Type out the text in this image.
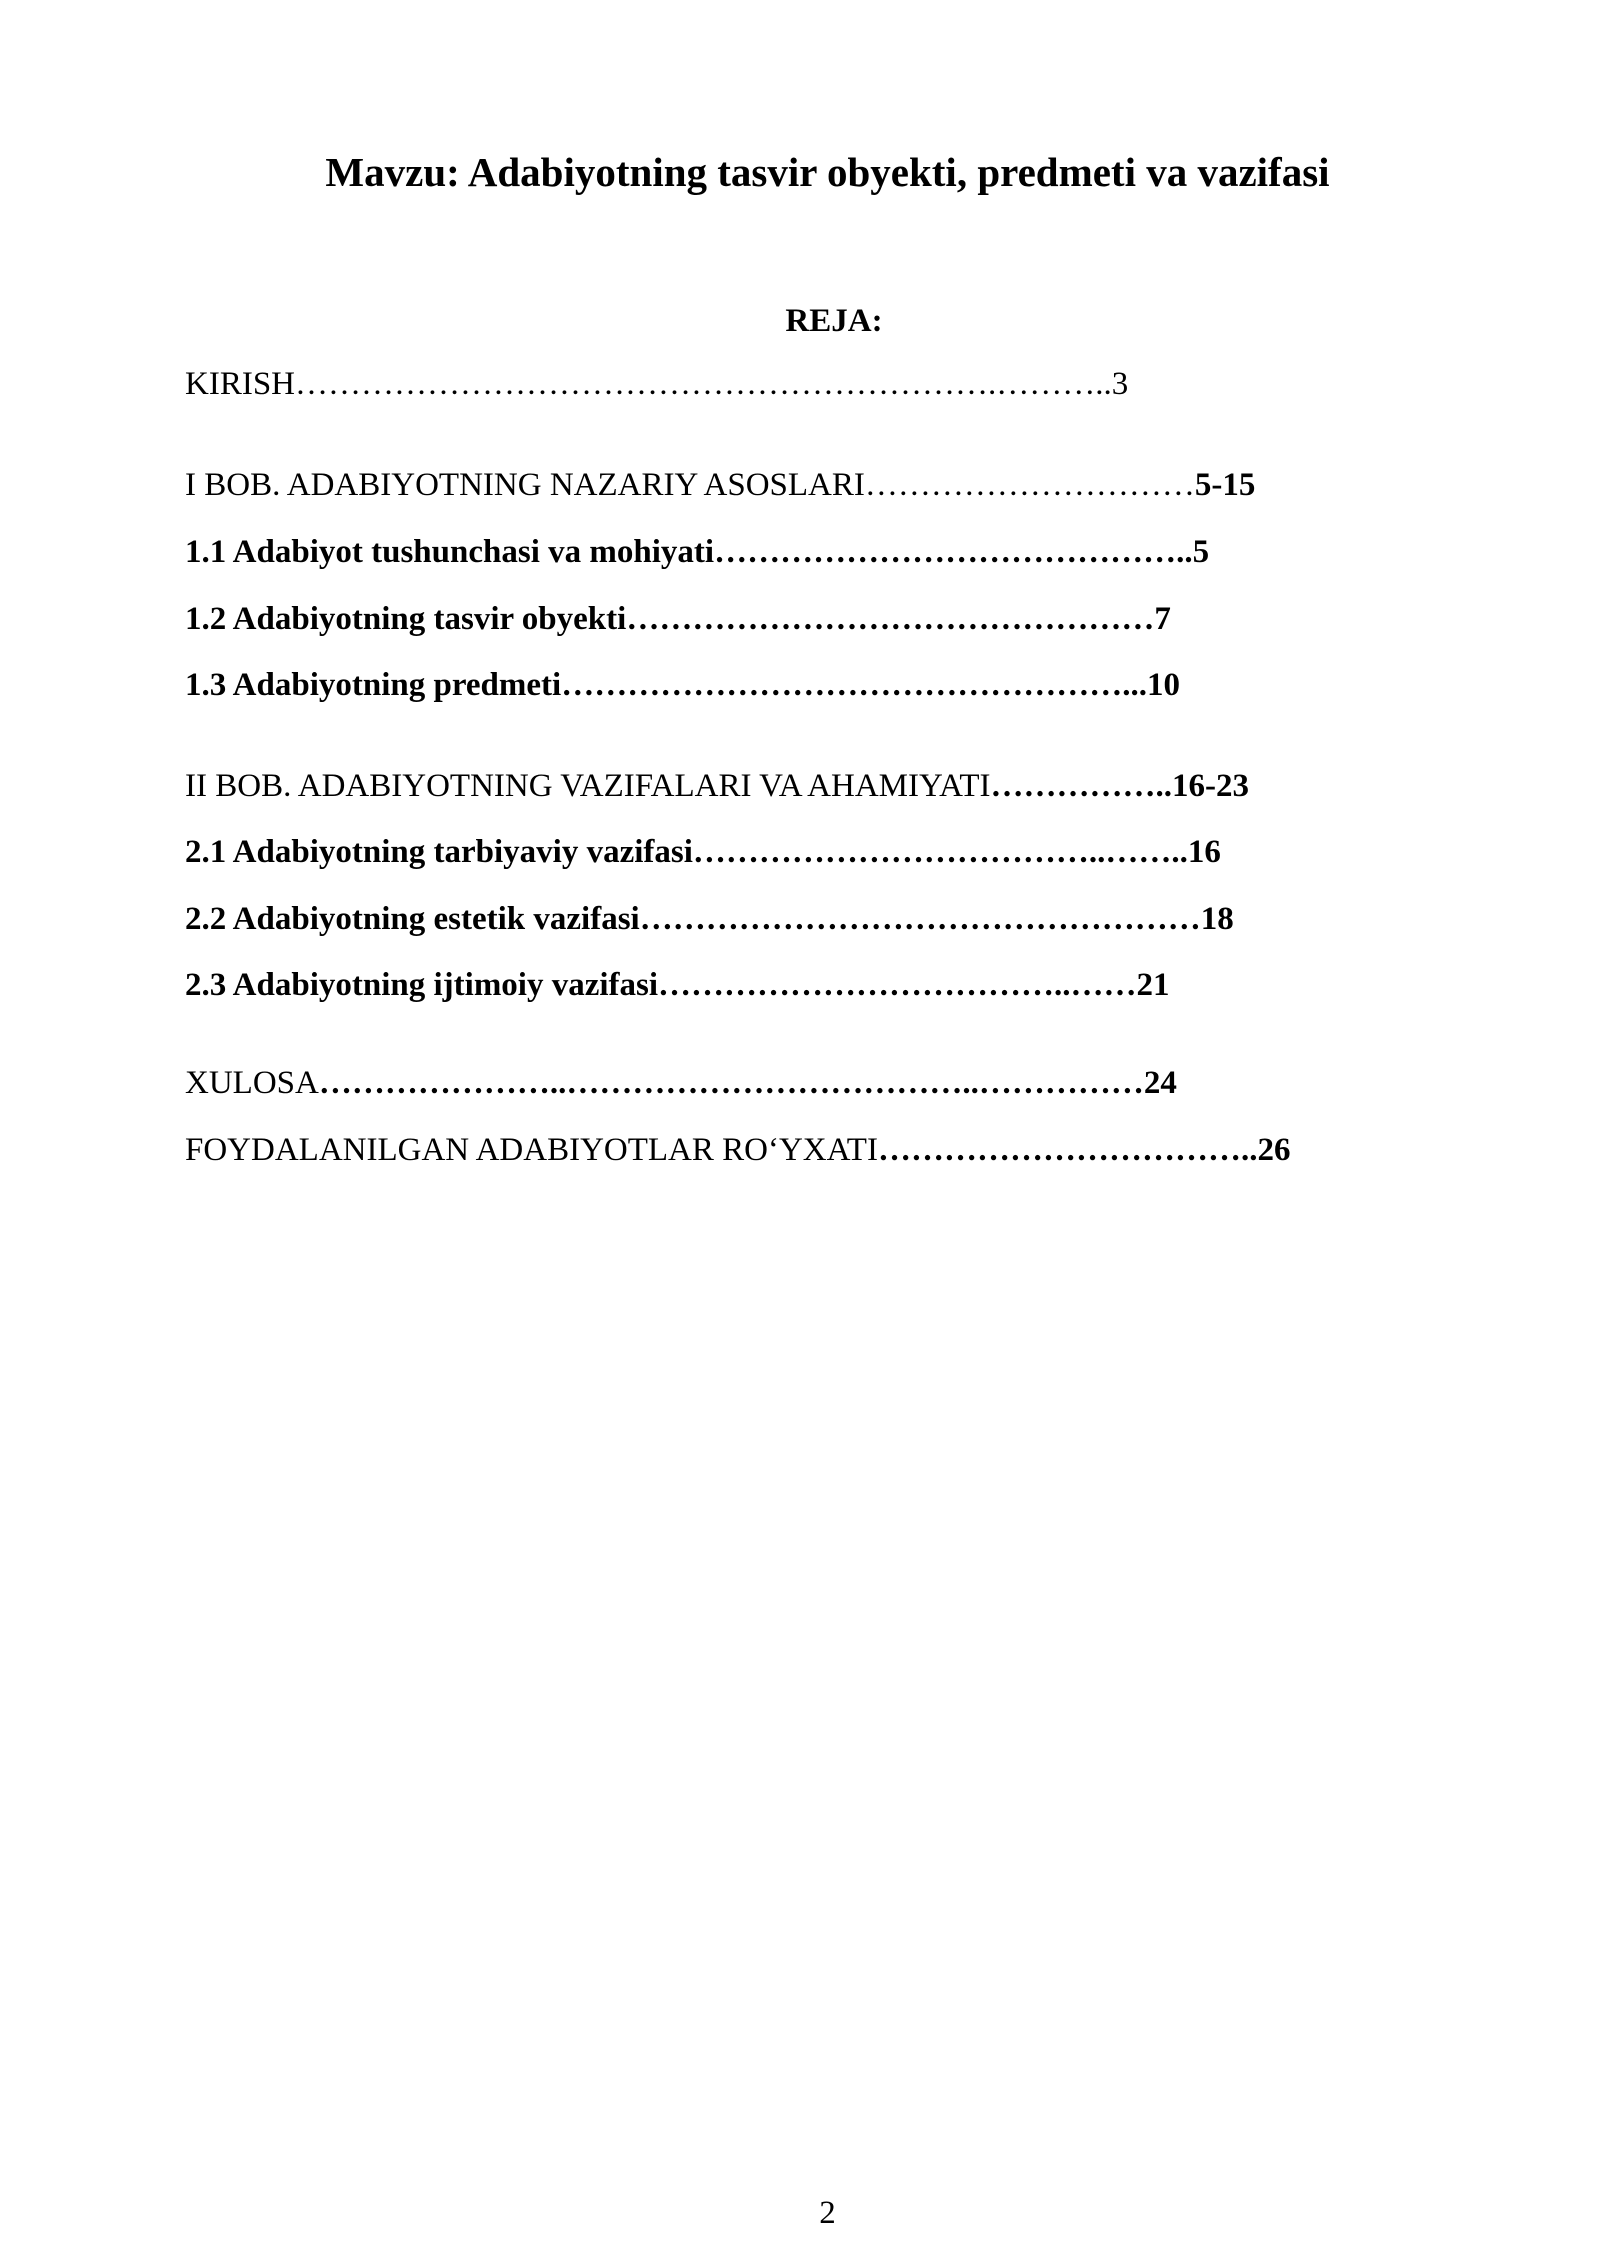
Mavzu: Adabiyotning tasvir obyekti, predmeti va vazifasi
REJA:
KIRISH……………………………………………………….………..3
I BOB. ADABIYOTNING NAZARIY ASOSLARI…………………………5-15
1.1 Adabiyot tushunchasi va mohiyati……………………………………..5
1.2 Adabiyotning tasvir obyekti…………………………………………7
1.3 Adabiyotning predmeti……………………………………………...10
II BOB. ADABIYOTNING VAZIFALARI VA AHAMIYATI……………..16-23
2.1 Adabiyotning tarbiyaviy vazifasi………………………………..……..16
2.2 Adabiyotning estetik vazifasi……………………………………………18
2.3 Adabiyotning ijtimoiy vazifasi………………………………..……21
XULOSA…………………..………………………………..……………24
FOYDALANILGAN ADABIYOTLAR RO‘YXATI……………………………..26
2
